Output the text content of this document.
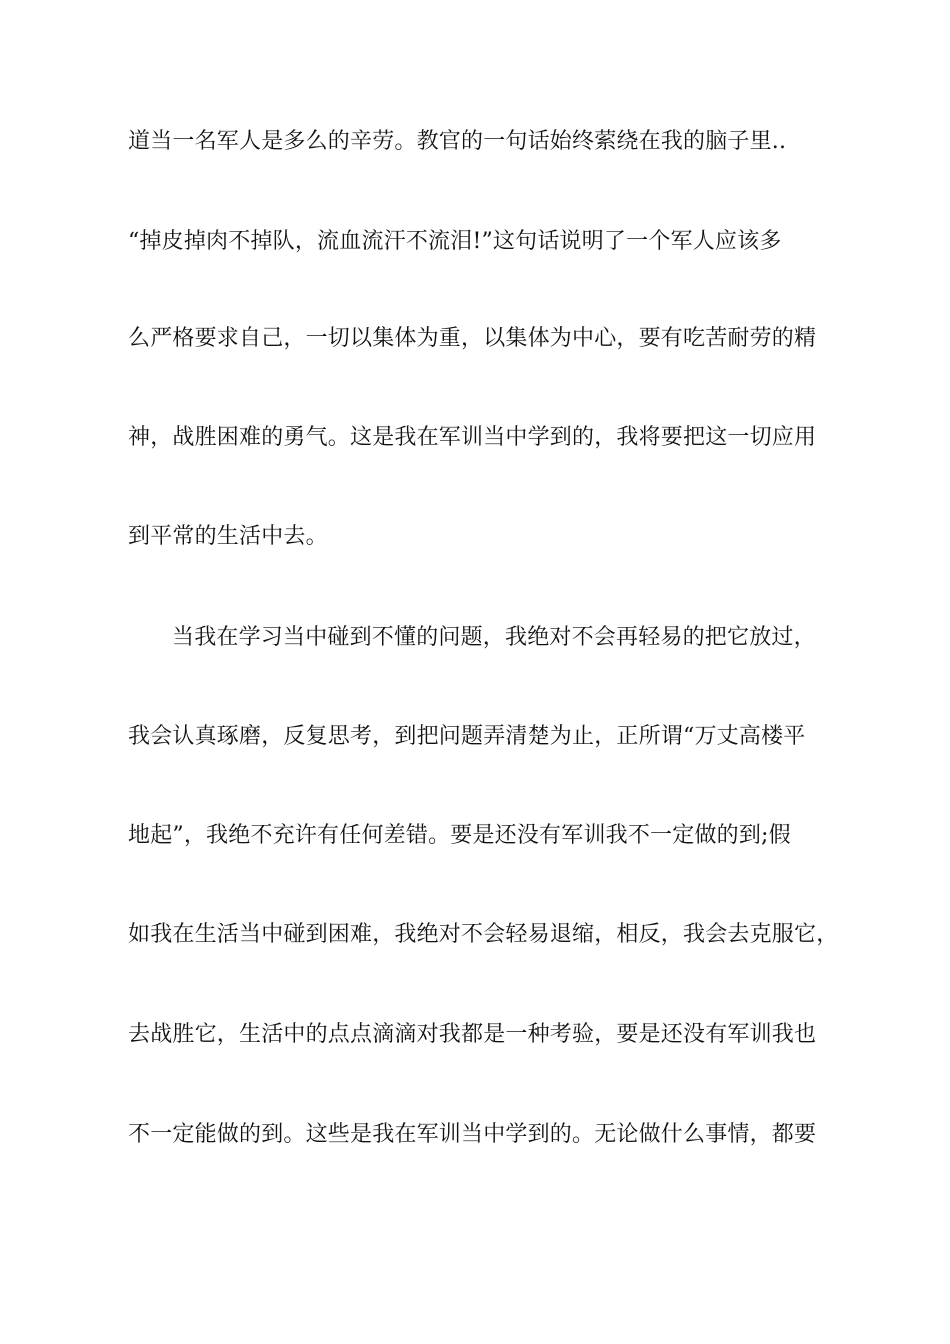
道当一名军人是多么的辛劳。教官的一句话始终萦绕在我的脑子里..
“掉皮掉肉不掉队，流血流汗不流泪!”这句话说明了一个军人应该多
么严格要求自己，一切以集体为重，以集体为中心，要有吃苦耐劳的精
神，战胜困难的勇气。这是我在军训当中学到的，我将要把这一切应用
到平常的生活中去。
当我在学习当中碰到不懂的问题，我绝对不会再轻易的把它放过，
我会认真琢磨，反复思考，到把问题弄清楚为止，正所谓“万丈高楼平
地起”，我绝不充许有任何差错。要是还没有军训我不一定做的到;假
如我在生活当中碰到困难，我绝对不会轻易退缩，相反，我会去克服它，
去战胜它，生活中的点点滴滴对我都是一种考验，要是还没有军训我也
不一定能做的到。这些是我在军训当中学到的。无论做什么事情，都要
